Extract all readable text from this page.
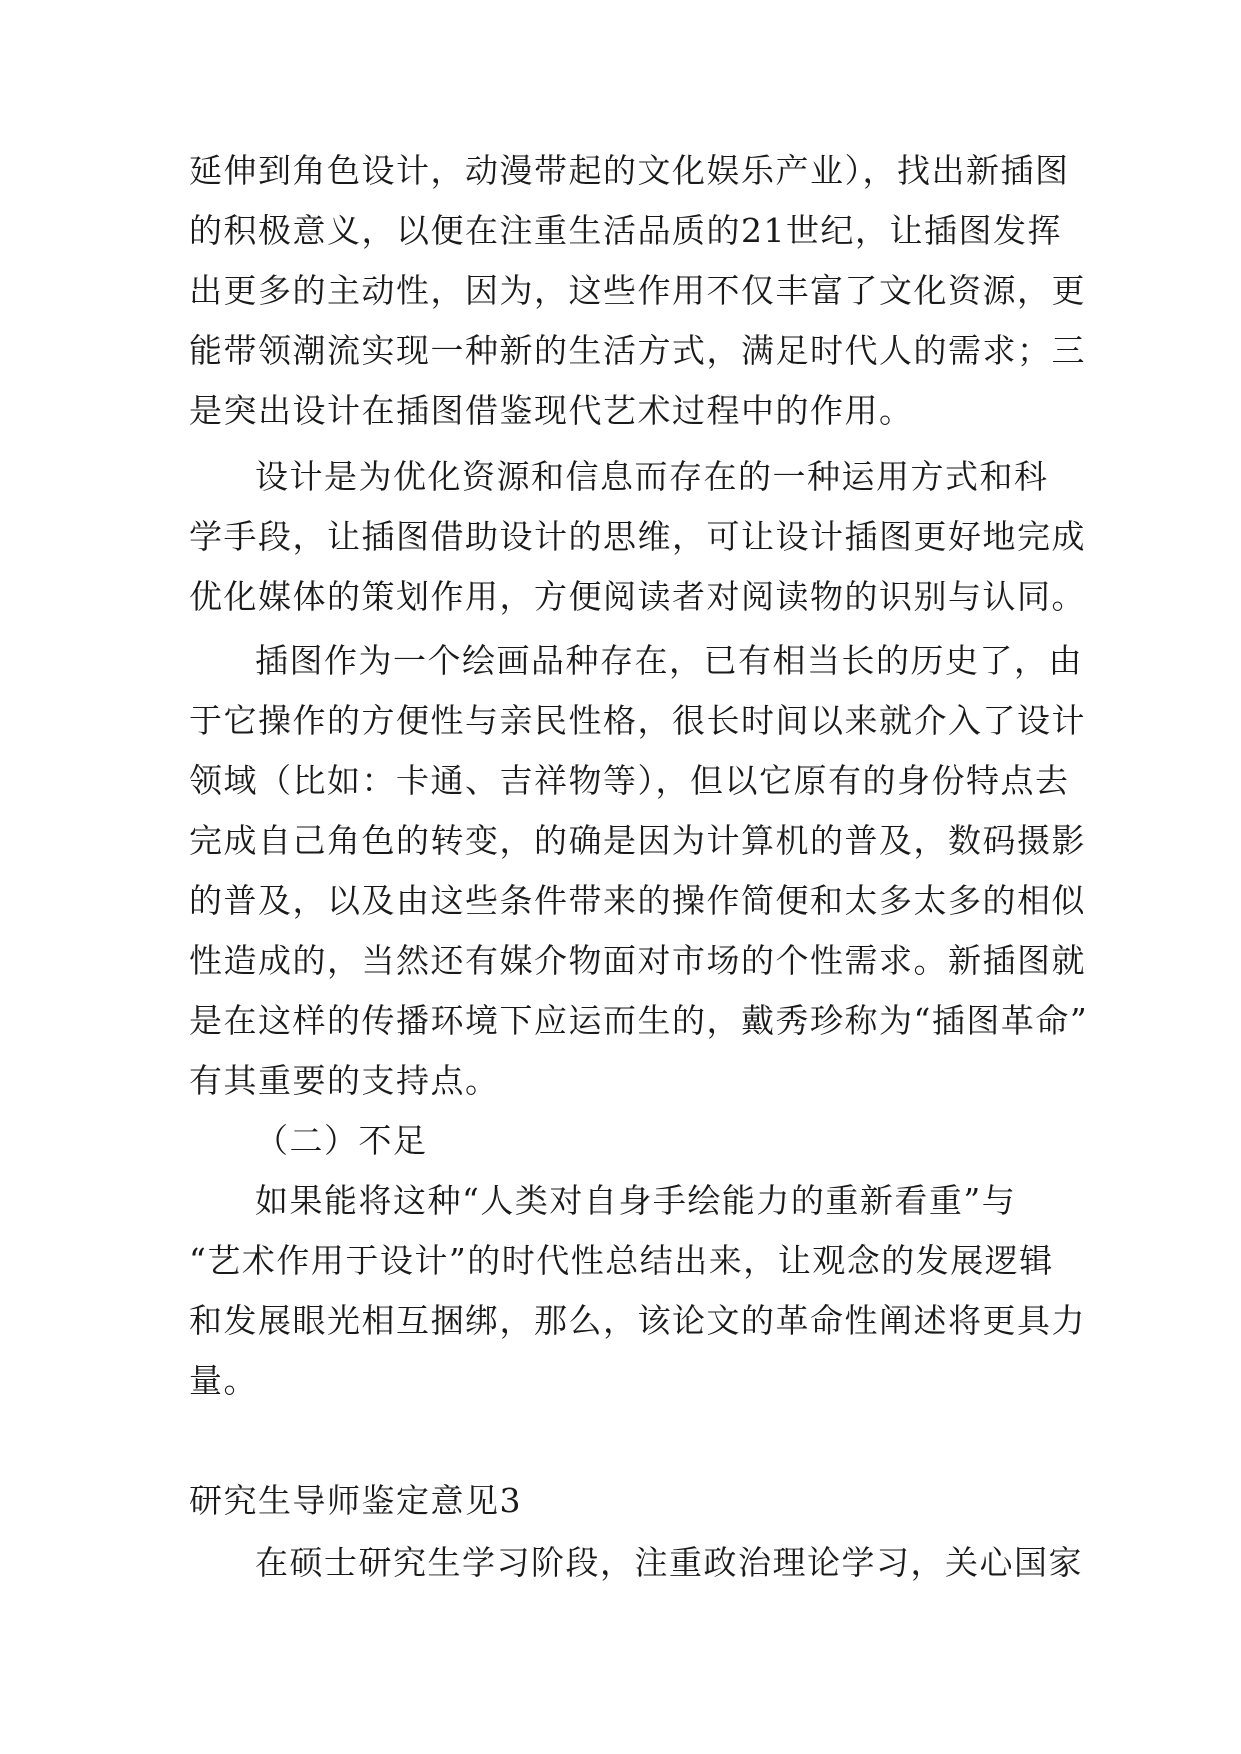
延伸到角色设计，动漫带起的文化娱乐产业），找出新插图
的积极意义，以便在注重生活品质的21世纪，让插图发挥
出更多的主动性，因为，这些作用不仅丰富了文化资源，更
能带领潮流实现一种新的生活方式，满足时代人的需求；三
是突出设计在插图借鉴现代艺术过程中的作用。
设计是为优化资源和信息而存在的一种运用方式和科
学手段，让插图借助设计的思维，可让设计插图更好地完成
优化媒体的策划作用，方便阅读者对阅读物的识别与认同。
插图作为一个绘画品种存在，已有相当长的历史了，由
于它操作的方便性与亲民性格，很长时间以来就介入了设计
领域（比如：卡通、吉祥物等），但以它原有的身份特点去
完成自己角色的转变，的确是因为计算机的普及，数码摄影
的普及，以及由这些条件带来的操作简便和太多太多的相似
性造成的，当然还有媒介物面对市场的个性需求。新插图就
是在这样的传播环境下应运而生的，戴秀珍称为“插图革命”
有其重要的支持点。
（二）不足
如果能将这种“人类对自身手绘能力的重新看重”与
“艺术作用于设计”的时代性总结出来，让观念的发展逻辑
和发展眼光相互捆绑，那么，该论文的革命性阐述将更具力
量。
研究生导师鉴定意见3
在硕士研究生学习阶段，注重政治理论学习，关心国家
